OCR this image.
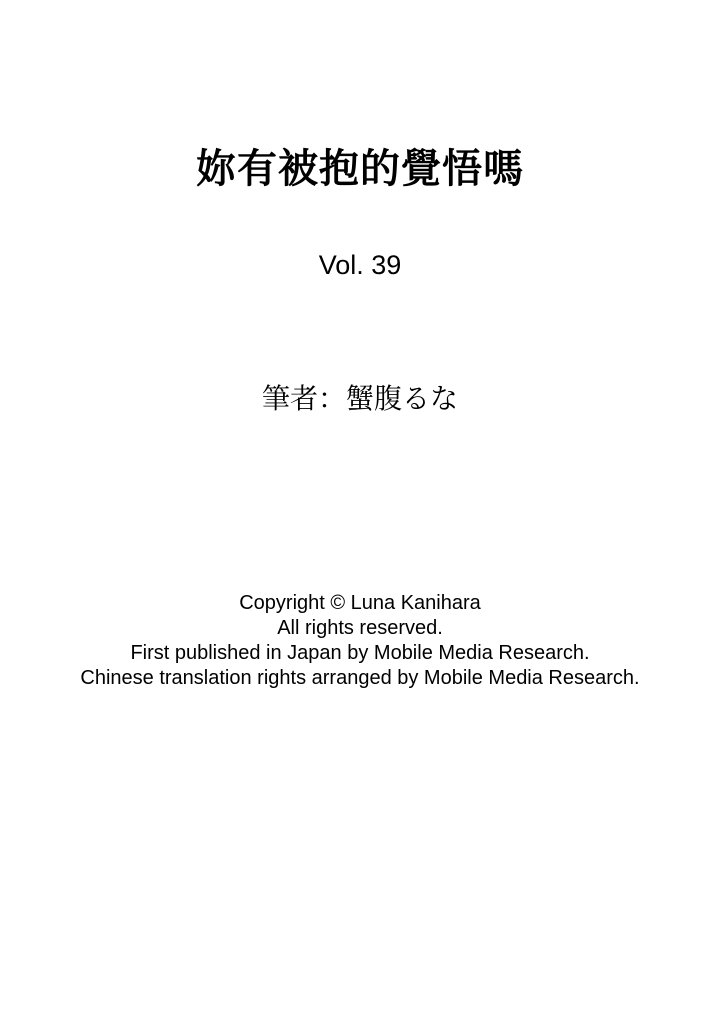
妳有被抱的覺悟嗎
Vol. 39
筆者：蟹腹るな
Copyright © Luna Kanihara
All rights reserved.
First published in Japan by Mobile Media Research.
Chinese translation rights arranged by Mobile Media Research.
